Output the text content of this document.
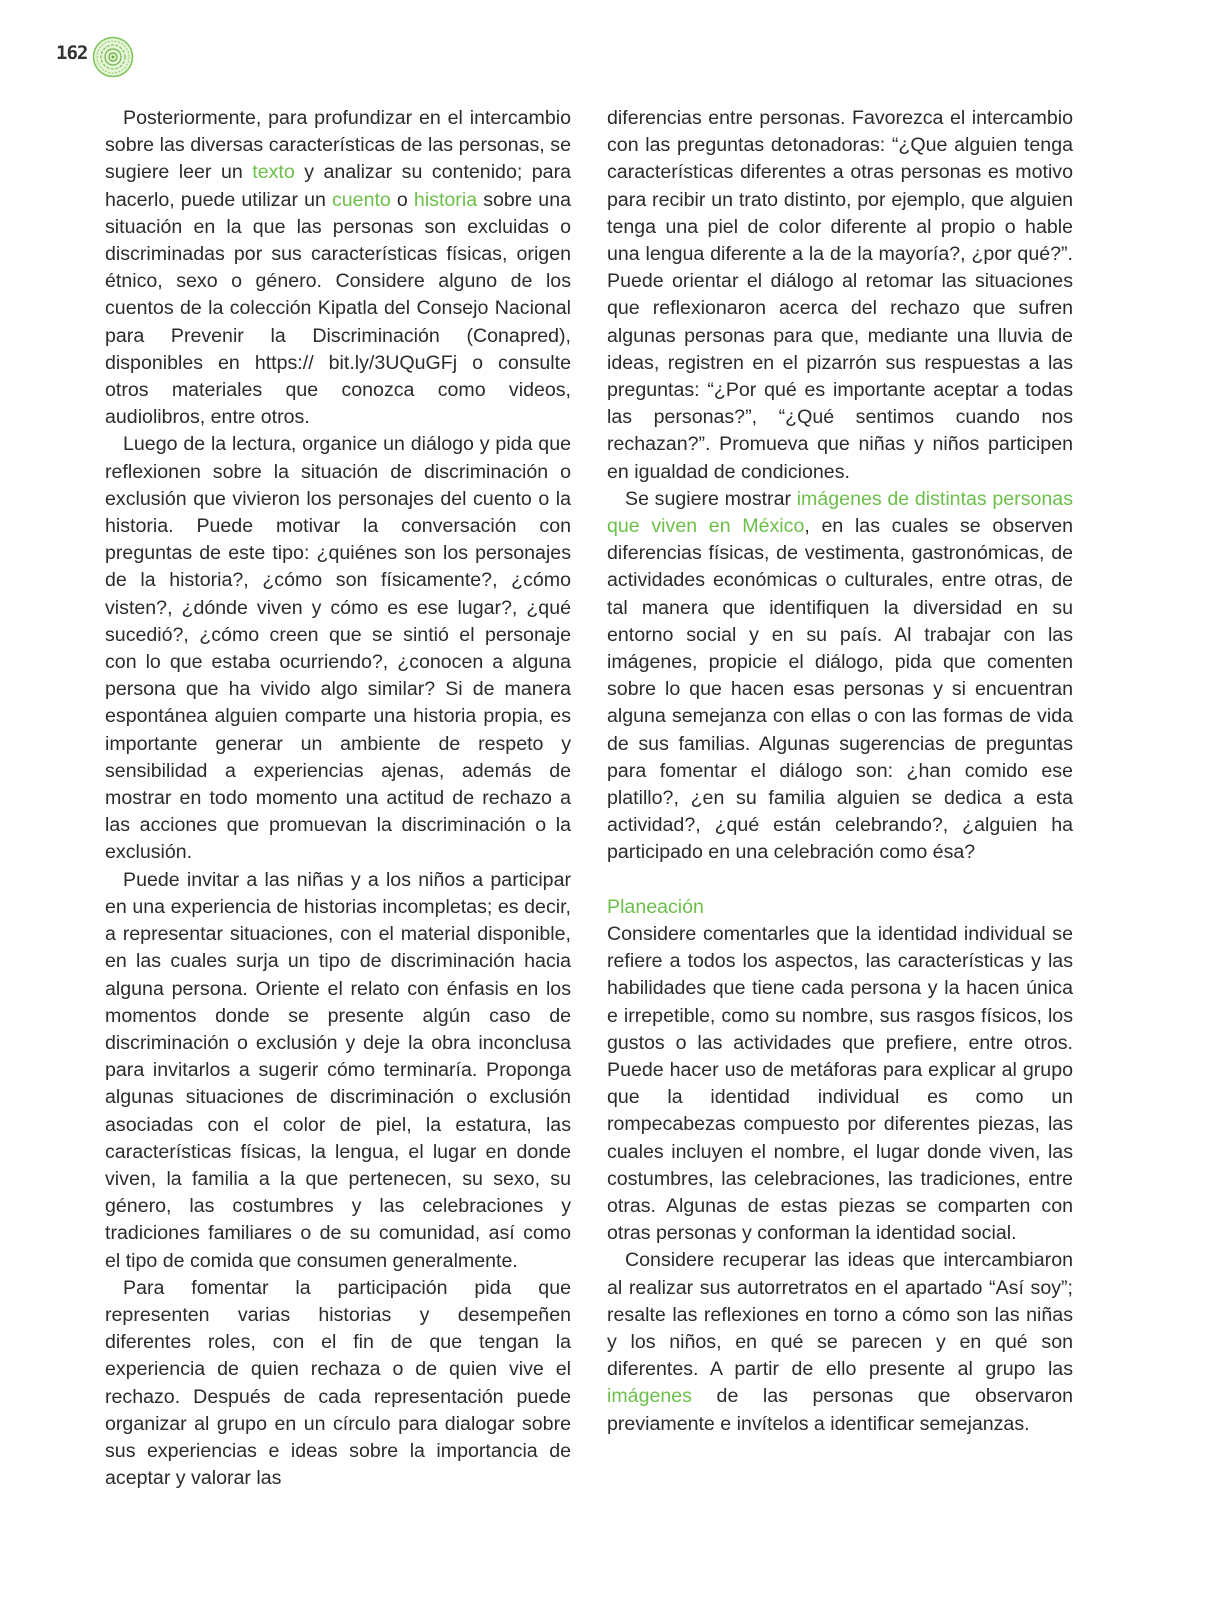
162

Posteriormente, para profundizar en el intercambio sobre las diversas características de las personas, se sugiere leer un texto y analizar su contenido; para hacerlo, puede utilizar un cuento o historia sobre una situación en la que las personas son excluidas o discriminadas por sus características físicas, origen étnico, sexo o género. Considere alguno de los cuentos de la colección Kipatla del Consejo Nacional para Prevenir la Discriminación (Conapred), disponibles en https:// bit.ly/3UQuGFj o consulte otros materiales que conozca como videos, audiolibros, entre otros.

Luego de la lectura, organice un diálogo y pida que reflexionen sobre la situación de discriminación o exclusión que vivieron los personajes del cuento o la historia. Puede motivar la conversación con preguntas de este tipo: ¿quiénes son los personajes de la historia?, ¿cómo son físicamente?, ¿cómo visten?, ¿dónde viven y cómo es ese lugar?, ¿qué sucedió?, ¿cómo creen que se sintió el personaje con lo que estaba ocurriendo?, ¿conocen a alguna persona que ha vivido algo similar? Si de manera espontánea alguien comparte una historia propia, es importante generar un ambiente de respeto y sensibilidad a experiencias ajenas, además de mostrar en todo momento una actitud de rechazo a las acciones que promuevan la discriminación o la exclusión.

Puede invitar a las niñas y a los niños a participar en una experiencia de historias incompletas; es decir, a representar situaciones, con el material disponible, en las cuales surja un tipo de discriminación hacia alguna persona. Oriente el relato con énfasis en los momentos donde se presente algún caso de discriminación o exclusión y deje la obra inconclusa para invitarlos a sugerir cómo terminaría. Proponga algunas situaciones de discriminación o exclusión asociadas con el color de piel, la estatura, las características físicas, la lengua, el lugar en donde viven, la familia a la que pertenecen, su sexo, su género, las costumbres y las celebraciones y tradiciones familiares o de su comunidad, así como el tipo de comida que consumen generalmente.

Para fomentar la participación pida que representen varias historias y desempeñen diferentes roles, con el fin de que tengan la experiencia de quien rechaza o de quien vive el rechazo. Después de cada representación puede organizar al grupo en un círculo para dialogar sobre sus experiencias e ideas sobre la importancia de aceptar y valorar las

diferencias entre personas. Favorezca el intercambio con las preguntas detonadoras: “¿Que alguien tenga características diferentes a otras personas es motivo para recibir un trato distinto, por ejemplo, que alguien tenga una piel de color diferente al propio o hable una lengua diferente a la de la mayoría?, ¿por qué?”. Puede orientar el diálogo al retomar las situaciones que reflexionaron acerca del rechazo que sufren algunas personas para que, mediante una lluvia de ideas, registren en el pizarrón sus respuestas a las preguntas: “¿Por qué es importante aceptar a todas las personas?”, “¿Qué sentimos cuando nos rechazan?”. Promueva que niñas y niños participen en igualdad de condiciones.

Se sugiere mostrar imágenes de distintas personas que viven en México, en las cuales se observen diferencias físicas, de vestimenta, gastronómicas, de actividades económicas o culturales, entre otras, de tal manera que identifiquen la diversidad en su entorno social y en su país. Al trabajar con las imágenes, propicie el diálogo, pida que comenten sobre lo que hacen esas personas y si encuentran alguna semejanza con ellas o con las formas de vida de sus familias. Algunas sugerencias de preguntas para fomentar el diálogo son: ¿han comido ese platillo?, ¿en su familia alguien se dedica a esta actividad?, ¿qué están celebrando?, ¿alguien ha participado en una celebración como ésa?

Planeación

Considere comentarles que la identidad individual se refiere a todos los aspectos, las características y las habilidades que tiene cada persona y la hacen única e irrepetible, como su nombre, sus rasgos físicos, los gustos o las actividades que prefiere, entre otros. Puede hacer uso de metáforas para explicar al grupo que la identidad individual es como un rompecabezas compuesto por diferentes piezas, las cuales incluyen el nombre, el lugar donde viven, las costumbres, las celebraciones, las tradiciones, entre otras. Algunas de estas piezas se comparten con otras personas y conforman la identidad social.

Considere recuperar las ideas que intercambiaron al realizar sus autorretratos en el apartado “Así soy”; resalte las reflexiones en torno a cómo son las niñas y los niños, en qué se parecen y en qué son diferentes. A partir de ello presente al grupo las imágenes de las personas que observaron previamente e invítelos a identificar semejanzas.
